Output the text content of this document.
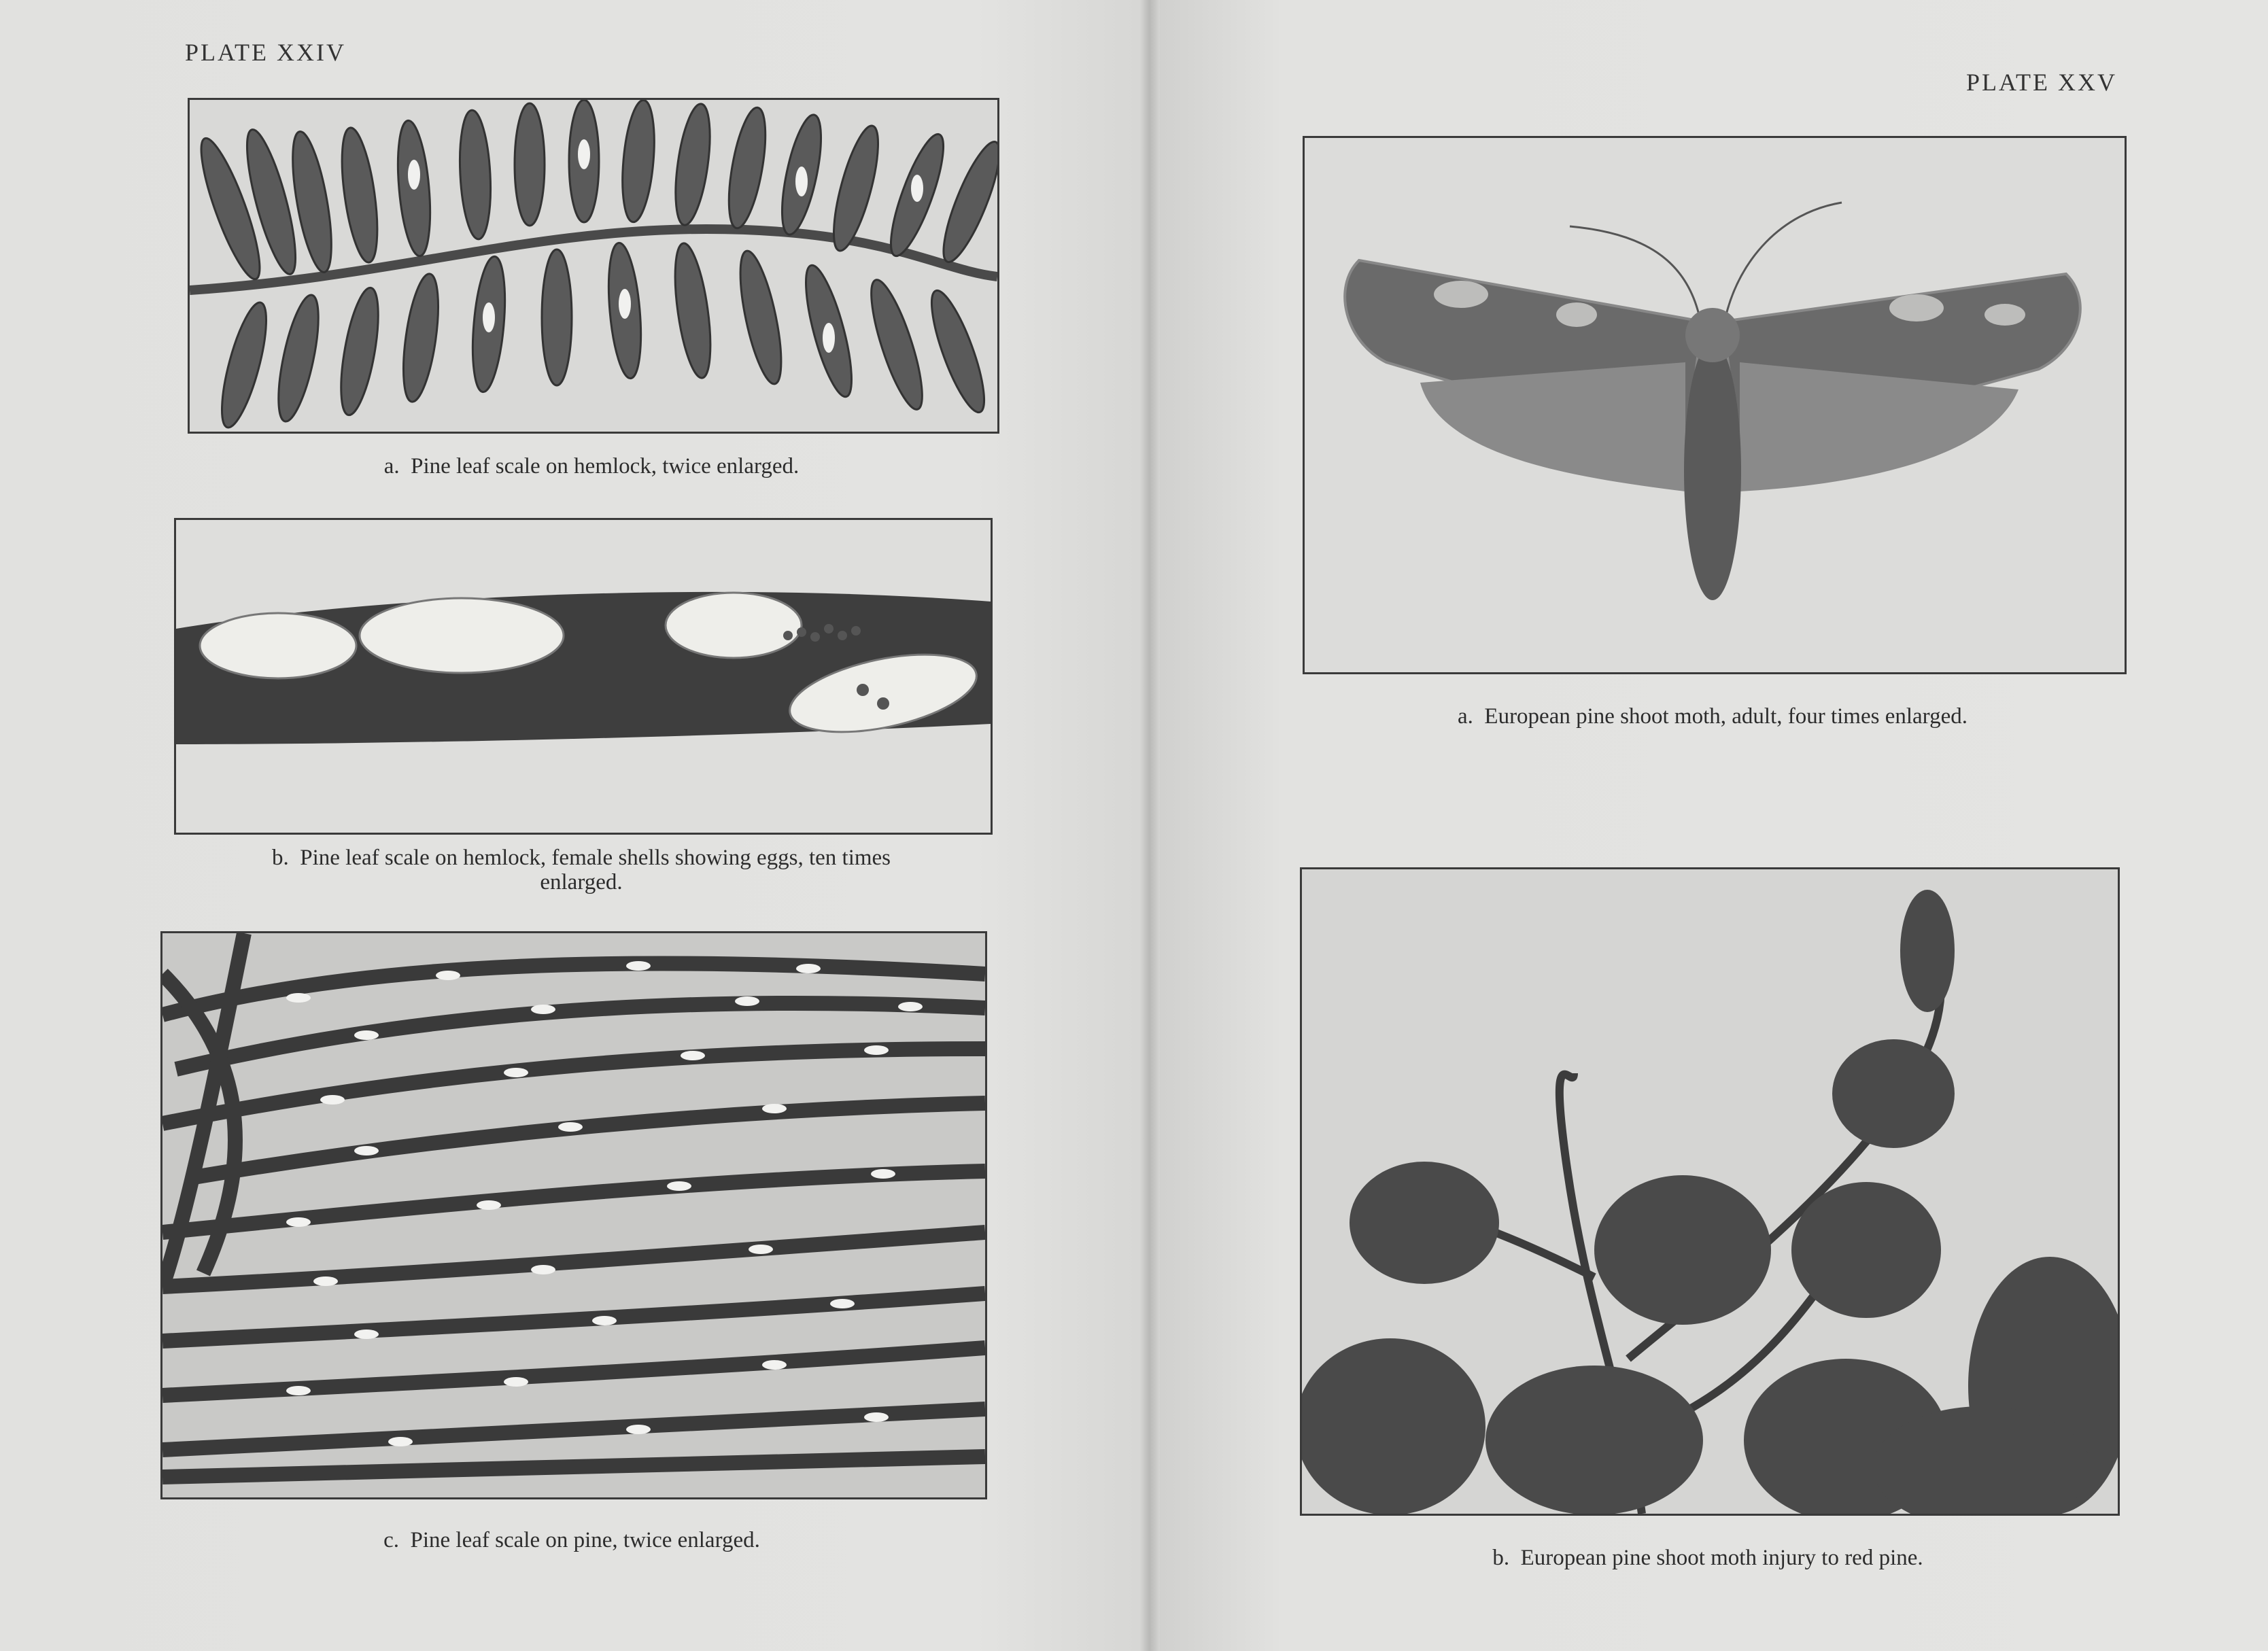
PLATE XXIV
a. Pine leaf scale on hemlock, twice enlarged.
b. Pine leaf scale on hemlock, female shells showing eggs, ten times
enlarged.
c. Pine leaf scale on pine, twice enlarged.
PLATE XXV
a. European pine shoot moth, adult, four times enlarged.
b. European pine shoot moth injury to red pine.
